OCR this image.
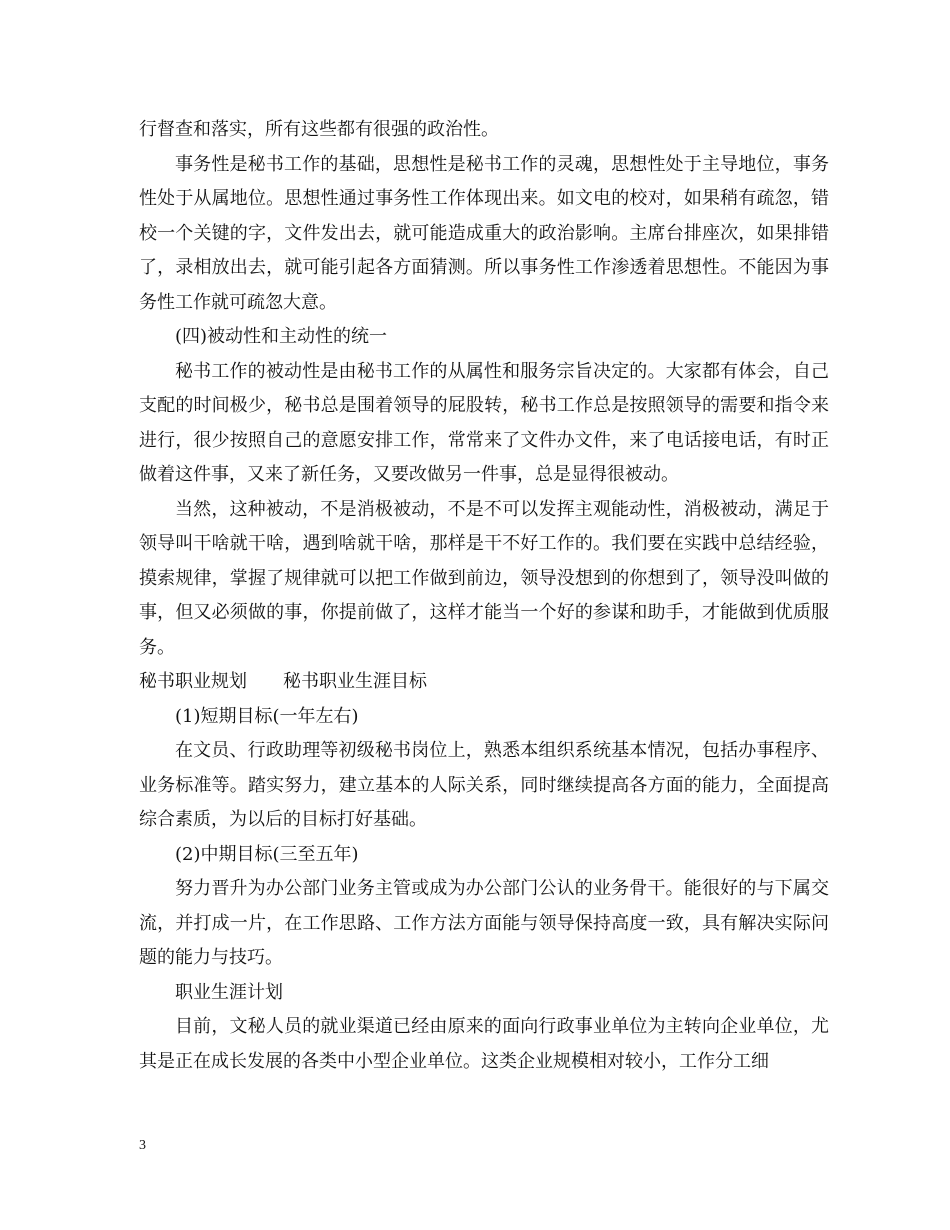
行督查和落实，所有这些都有很强的政治性。

事务性是秘书工作的基础，思想性是秘书工作的灵魂，思想性处于主导地位，事务性处于从属地位。思想性通过事务性工作体现出来。如文电的校对，如果稍有疏忽，错校一个关键的字，文件发出去，就可能造成重大的政治影响。主席台排座次，如果排错了，录相放出去，就可能引起各方面猜测。所以事务性工作渗透着思想性。不能因为事务性工作就可疏忽大意。

(四)被动性和主动性的统一

秘书工作的被动性是由秘书工作的从属性和服务宗旨决定的。大家都有体会，自己支配的时间极少，秘书总是围着领导的屁股转，秘书工作总是按照领导的需要和指令来进行，很少按照自己的意愿安排工作，常常来了文件办文件，来了电话接电话，有时正做着这件事，又来了新任务，又要改做另一件事，总是显得很被动。

当然，这种被动，不是消极被动，不是不可以发挥主观能动性，消极被动，满足于领导叫干啥就干啥，遇到啥就干啥，那样是干不好工作的。我们要在实践中总结经验，摸索规律，掌握了规律就可以把工作做到前边，领导没想到的你想到了，领导没叫做的事，但又必须做的事，你提前做了，这样才能当一个好的参谋和助手，才能做到优质服务。

秘书职业规划　　秘书职业生涯目标

(1)短期目标(一年左右)

在文员、行政助理等初级秘书岗位上，熟悉本组织系统基本情况，包括办事程序、业务标准等。踏实努力，建立基本的人际关系，同时继续提高各方面的能力，全面提高综合素质，为以后的目标打好基础。

(2)中期目标(三至五年)

努力晋升为办公部门业务主管或成为办公部门公认的业务骨干。能很好的与下属交流，并打成一片，在工作思路、工作方法方面能与领导保持高度一致，具有解决实际问题的能力与技巧。

职业生涯计划

目前，文秘人员的就业渠道已经由原来的面向行政事业单位为主转向企业单位，尤其是正在成长发展的各类中小型企业单位。这类企业规模相对较小，工作分工细

3
